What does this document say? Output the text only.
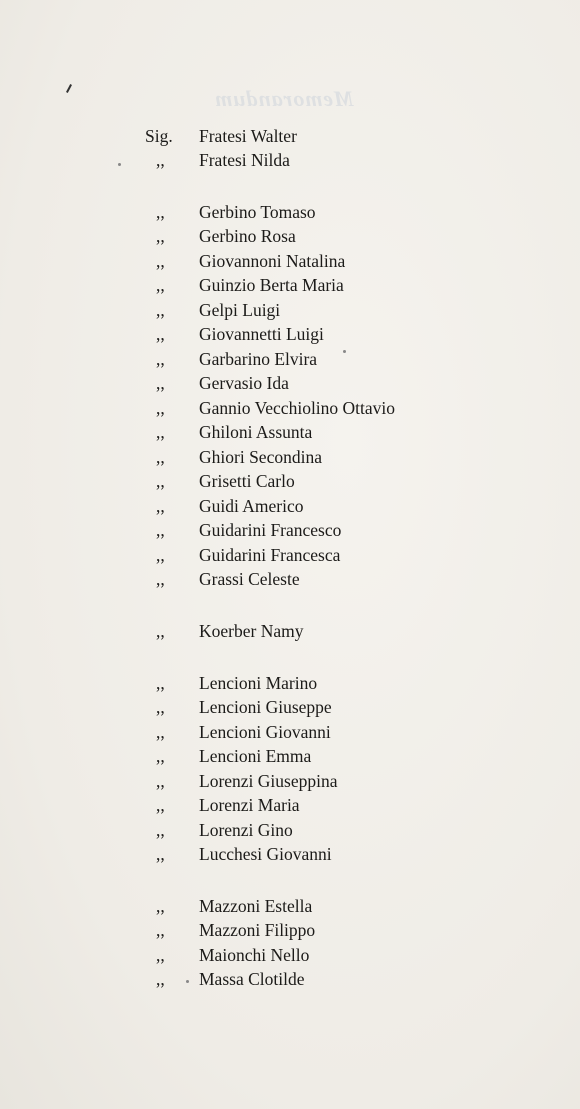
Memorandum
Sig.	Fratesi Walter
,,	Fratesi Nilda
,,	Gerbino Tomaso
,,	Gerbino Rosa
,,	Giovannoni Natalina
,,	Guinzio Berta Maria
,,	Gelpi Luigi
,,	Giovannetti Luigi
,,	Garbarino Elvira
,,	Gervasio Ida
,,	Gannio Vecchiolino Ottavio
,,	Ghiloni Assunta
,,	Ghiori Secondina
,,	Grisetti Carlo
,,	Guidi Americo
,,	Guidarini Francesco
,,	Guidarini Francesca
,,	Grassi Celeste
,,	Koerber Namy
,,	Lencioni Marino
,,	Lencioni Giuseppe
,,	Lencioni Giovanni
,,	Lencioni Emma
,,	Lorenzi Giuseppina
,,	Lorenzi Maria
,,	Lorenzi Gino
,,	Lucchesi Giovanni
,,	Mazzoni Estella
,,	Mazzoni Filippo
,,	Maionchi Nello
,,	Massa Clotilde
